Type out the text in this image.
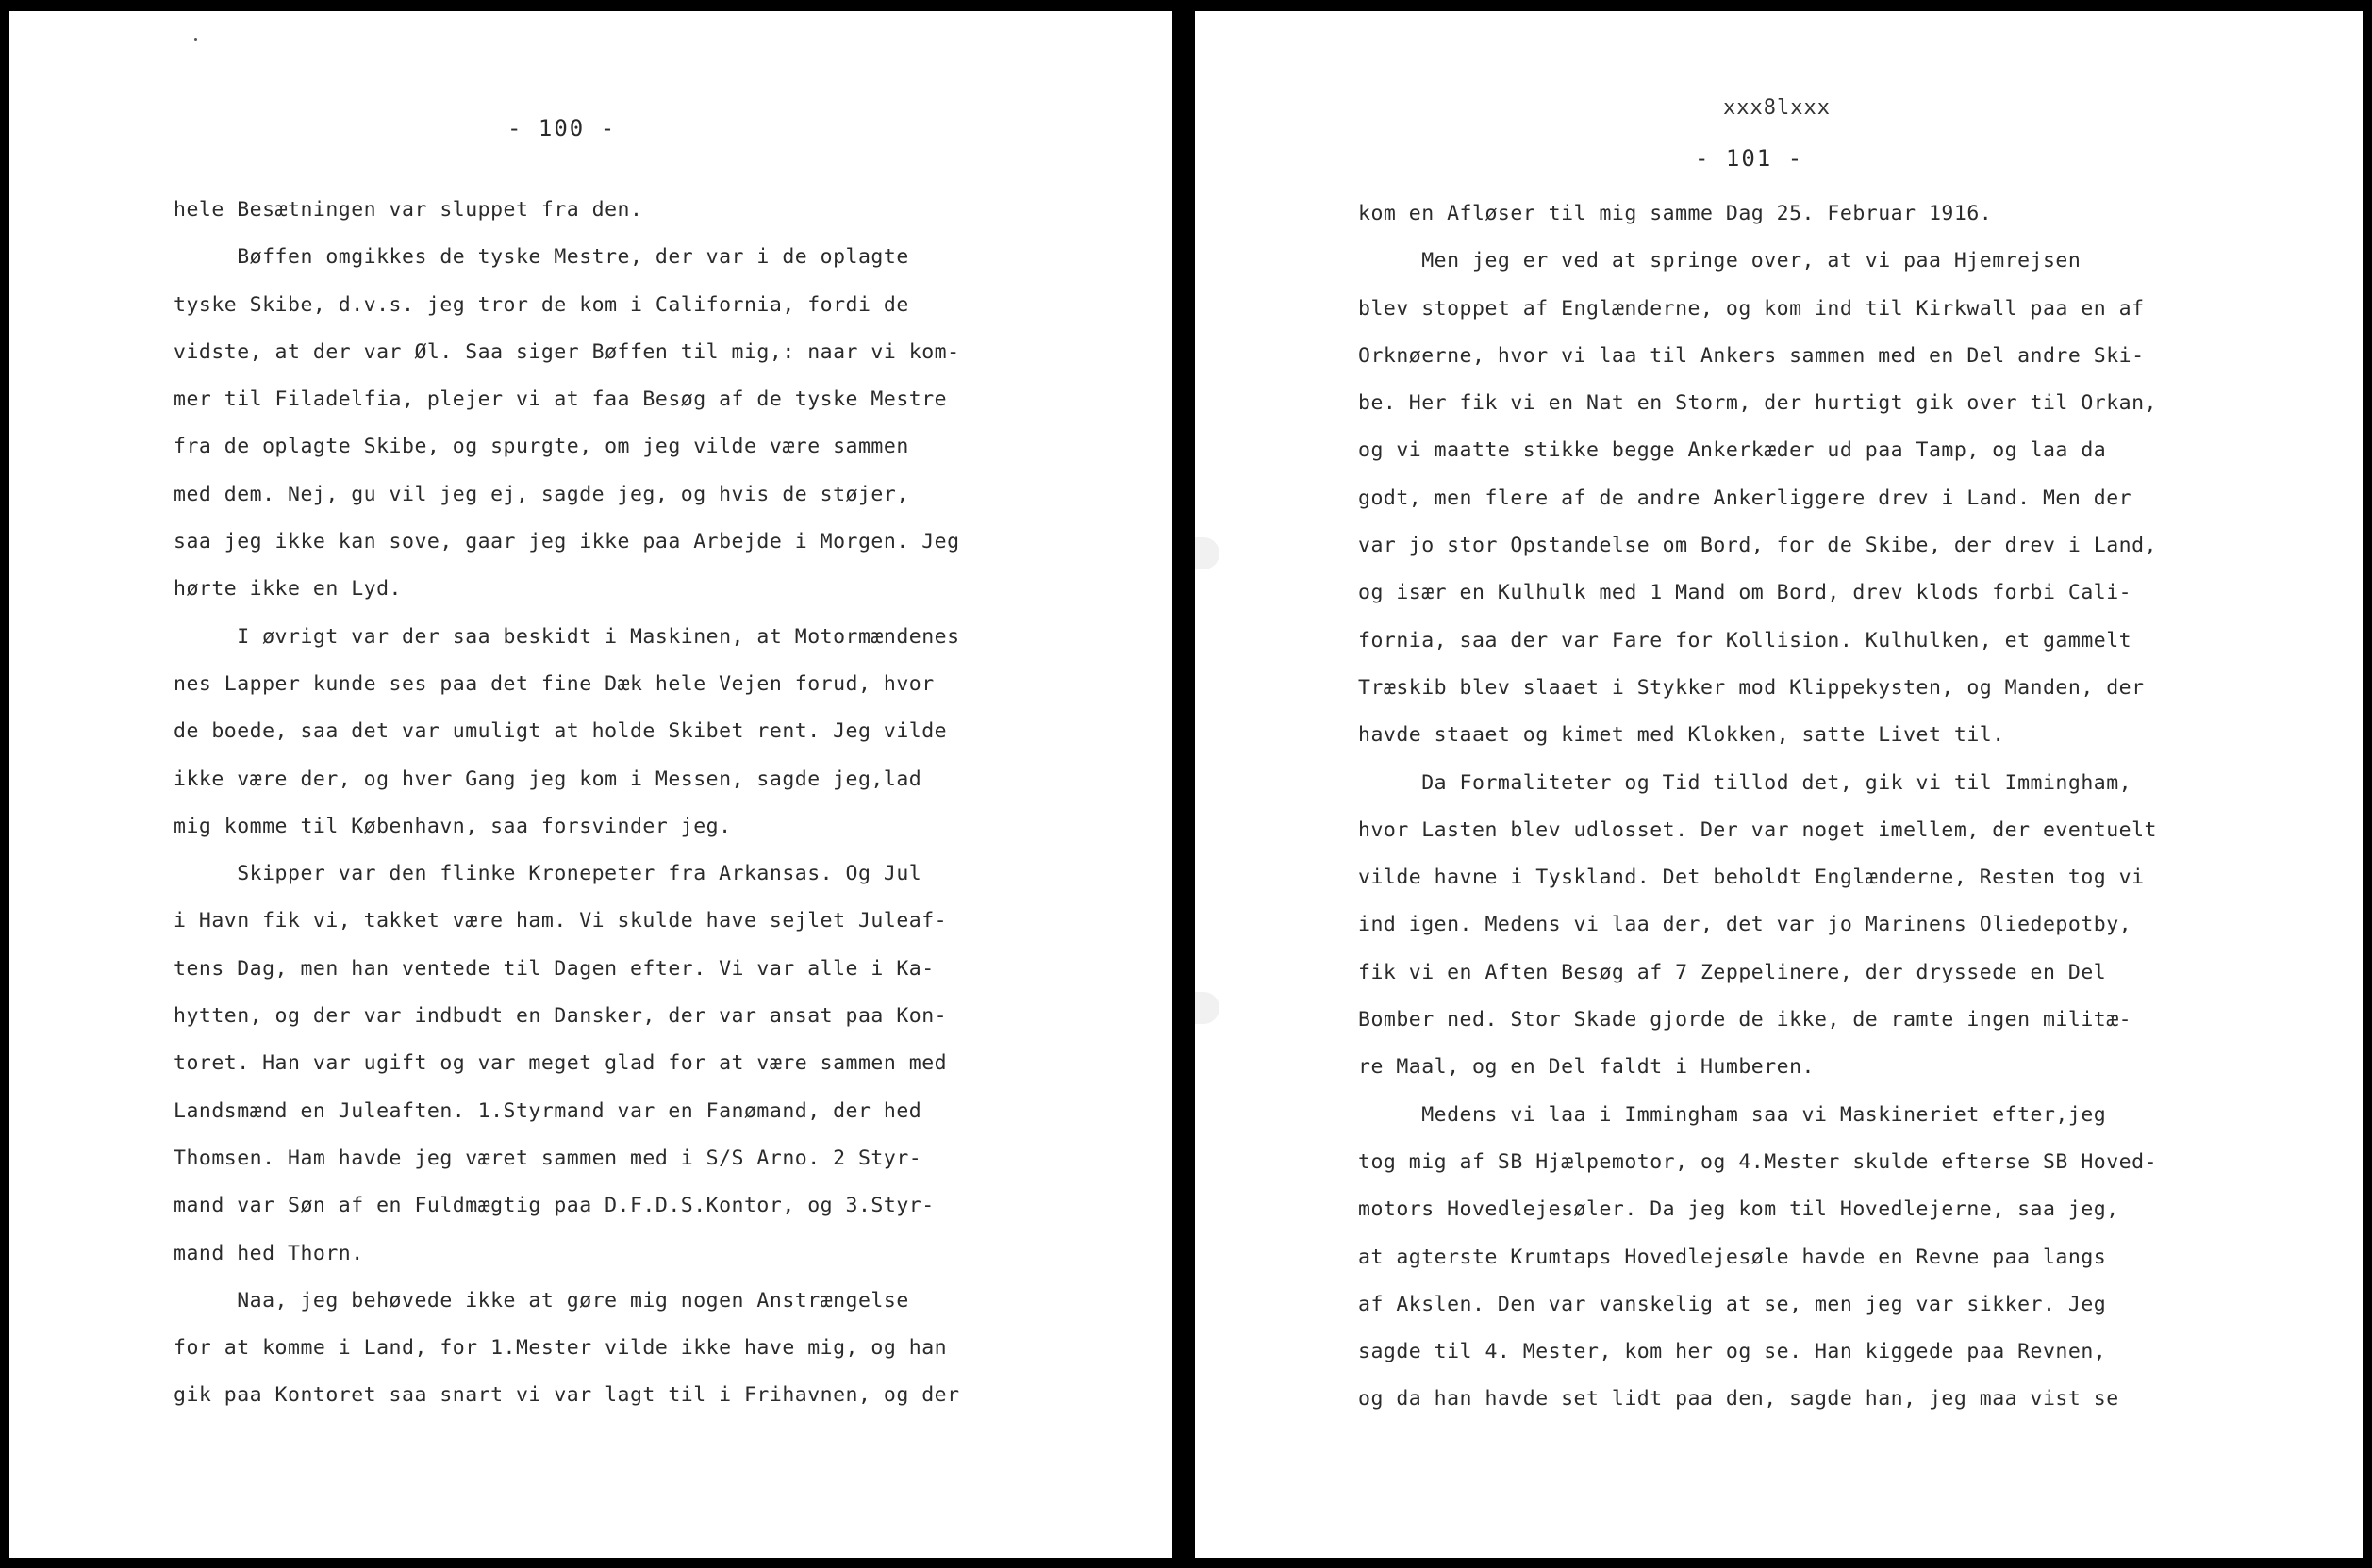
- 100 -
hele Besætningen var sluppet fra den.
Bøffen omgikkes de tyske Mestre, der var i de oplagte
tyske Skibe, d.v.s. jeg tror de kom i California, fordi de
vidste, at der var Øl. Saa siger Bøffen til mig,: naar vi kom-
mer til Filadelfia, plejer vi at faa Besøg af de tyske Mestre
fra de oplagte Skibe, og spurgte, om jeg vilde være sammen
med dem. Nej, gu vil jeg ej, sagde jeg, og hvis de støjer,
saa jeg ikke kan sove, gaar jeg ikke paa Arbejde i Morgen. Jeg
hørte ikke en Lyd.
I øvrigt var der saa beskidt i Maskinen, at Motormændenes
nes Lapper kunde ses paa det fine Dæk hele Vejen forud, hvor
de boede, saa det var umuligt at holde Skibet rent. Jeg vilde
ikke være der, og hver Gang jeg kom i Messen, sagde jeg,lad
mig komme til København, saa forsvinder jeg.
Skipper var den flinke Kronepeter fra Arkansas. Og Jul
i Havn fik vi, takket være ham. Vi skulde have sejlet Julеaf-
tens Dag, men han ventede til Dagen efter. Vi var alle i Ka-
hytten, og der var indbudt en Dansker, der var ansat paa Kon-
toret. Han var ugift og var meget glad for at være sammen med
Landsmænd en Juleaften. 1.Styrmand var en Fanømand, der hed
Thomsen. Ham havde jeg været sammen med i S/S Arno. 2 Styr-
mand var Søn af en Fuldmægtig paa D.F.D.S.Kontor, og 3.Styr-
mand hed Thorn.
Naa, jeg behøvede ikke at gøre mig nogen Anstrængelse
for at komme i Land, for 1.Mester vilde ikke have mig, og han
gik paa Kontoret saa snart vi var lagt til i Frihavnen, og der
xxx8lxxx
- 101 -
kom en Afløser til mig samme Dag 25. Februar 1916.
Men jeg er ved at springe over, at vi paa Hjemrejsen
blev stoppet af Englænderne, og kom ind til Kirkwall paa en af
Orknøerne, hvor vi laa til Ankers sammen med en Del andre Ski-
be. Her fik vi en Nat en Storm, der hurtigt gik over til Orkan,
og vi maatte stikke begge Ankerkæder ud paa Tamp, og laa da
godt, men flere af de andre Ankerliggere drev i Land. Men der
var jo stor Opstandelse om Bord, for de Skibe, der drev i Land,
og især en Kulhulk med 1 Mand om Bord, drev klods forbi Cali-
fornia, saa der var Fare for Kollision. Kulhulken, et gammelt
Træskib blev slaaet i Stykker mod Klippekysten, og Manden, der
havde staaet og kimet med Klokken, satte Livet til.
Da Formaliteter og Tid tillod det, gik vi til Immingham,
hvor Lasten blev udlosset. Der var noget imellem, der eventuelt
vilde havne i Tyskland. Det beholdt Englænderne, Resten tog vi
ind igen. Medens vi laa der, det var jo Marinens Oliedepotby,
fik vi en Aften Besøg af 7 Zeppelinere, der dryssede en Del
Bomber ned. Stor Skade gjorde de ikke, de ramte ingen militæ-
re Maal, og en Del faldt i Humberen.
Medens vi laa i Immingham saa vi Maskineriet efter,jeg
tog mig af SB Hjælpemotor, og 4.Mester skulde efterse SB Hoved-
motors Hovedlejesøler. Da jeg kom til Hovedlejerne, saa jeg,
at agterste Krumtaps Hovedlejesøle havde en Revne paa langs
af Akslen. Den var vanskelig at se, men jeg var sikker. Jeg
sagde til 4. Mester, kom her og se. Han kiggede paa Revnen,
og da han havde set lidt paa den, sagde han, jeg maa vist se
